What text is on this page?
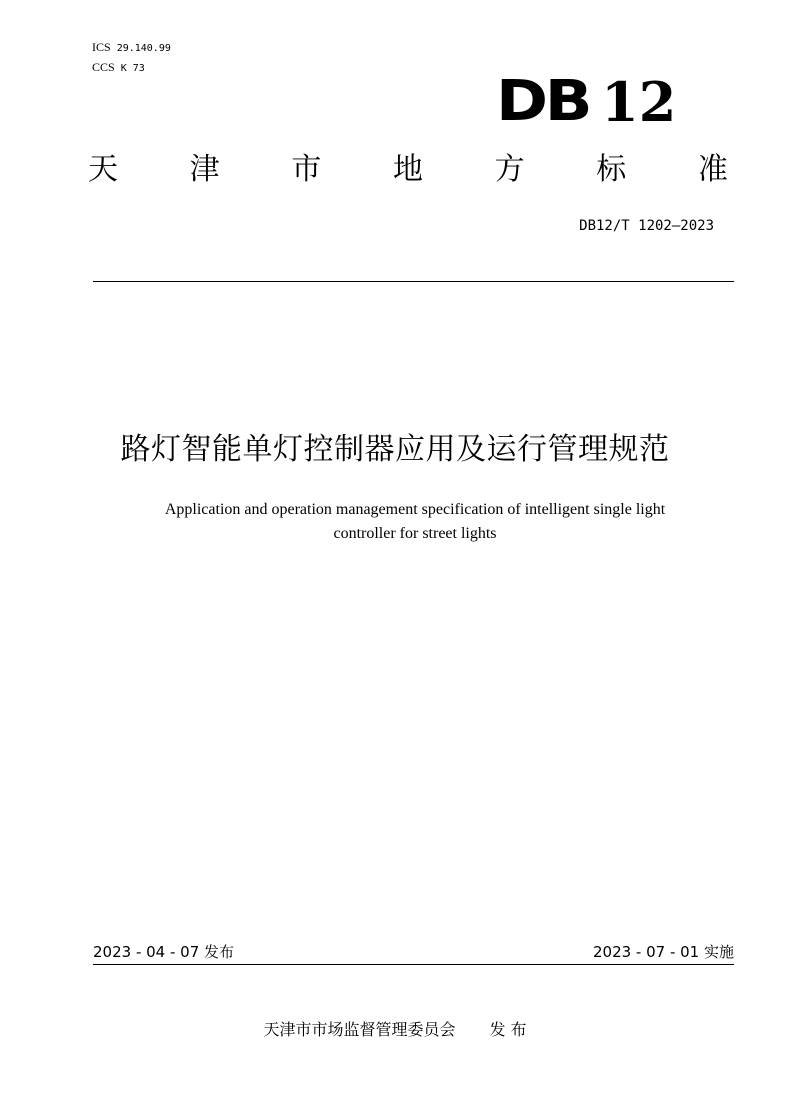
ICS 29.140.99
CCS K 73
DB 12
天 津 市 地 方 标 准
DB12/T 1202—2023
路灯智能单灯控制器应用及运行管理规范
Application and operation management specification of intelligent single light
controller for street lights
2023 - 04 - 07 发布	2023 - 07 - 01 实施
天津市市场监督管理委员会 发 布
